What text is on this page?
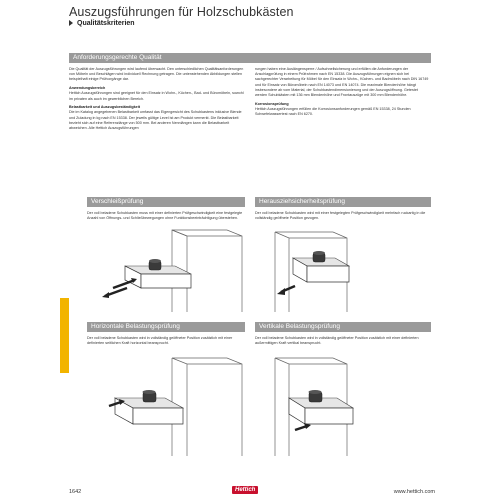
Auszugsführungen für Holzschubkästen
Qualitätskriterien
Anforderungsgerechte Qualität

Die Qualität der Auszugsführungen wird laufend überwacht. Den unterschiedlichen Qualitätsanforderungen von Möbeln und Beschlägen wird individuell Rechnung getragen. Die untenstehenden Abbildungen stellen beispielhaft einige Prüfvorgänge dar.

Anwendungsbereich

Hettich Auszugsführungen sind geeignet für den Einsatz in Wohn-, Küchen-, Bad- und Büromöbeln, sowohl im privaten als auch im gewerblichen Bereich.

Belastbarkeit und Auszugsbeständigkeit

Die im Katalog angegebenen Belastbarkeit umfasst das Eigengewicht des Schubkastens inklusive Blende und Zuladung in kg nach EN 15338. Der jeweils gültige Level ist am Produkt vermerkt. Die Belastbarkeit bezieht sich auf eine Referenzlänge von 500 mm. Bei anderen Nennlängen kann die Belastbarkeit abweichen. Alle Hettich Auszugsführungen

rungen haben eine Auslängensperre / Aufschnellsicherung und erfüllen die Anforderungen der Anschlagprüfung in einem Prüfrahmen nach EN 15338. Die Auszugsführungen eignen sich bei sachgerechter Verarbeitung für Möbel für den Einsatz in Wohn-, Küchen- und Badmöbeln nach DIN 16749 und für Einsatz von Büromöbeln nach EN 14073 und EN 14074. Die maximale Blendenhöhe hängt insbesondere ab vom Material, der Schubkastendimensionierung und der Auszugsöffnung. Getestet werden Schubkästen mit 136 mm Blendenhöhe und Frontauszüge mit 300 mm Blendenhöhe.

Korrosionsprüfung

Hettich Auszugsführungen erfüllen die Korrosionsanforderungen gemäß EN 15338, 24 Stunden Schwefelwassertest nach EN 6270.

Verschleißprüfung
Der voll beladene Schubkasten muss mit einer definierten Prüfgeschwindigkeit eine festgelegte Anzahl von Öffnungs- und Schließbewegungen ohne Funktionsbeeinträchtigung überstehen.
Herausziehsicherheitsprüfung
Der voll beladene Schubkasten wird mit einer festgelegten Prüfgeschwindigkeit mehrfach ruckartig in die vollständig geöffnete Position gezogen.
Horizontale Belastungsprüfung
Der voll beladene Schubkasten wird in vollständig geöffneter Position zusätzlich mit einer definierten seitlichen Kraft horizontal beansprucht.
Vertikale Belastungsprüfung
Der voll beladene Schubkasten wird in vollständig geöffneter Position zusätzlich mit einer definierten außermittigen Kraft vertikal beansprucht.
1642	Hettich	www.hettich.com
